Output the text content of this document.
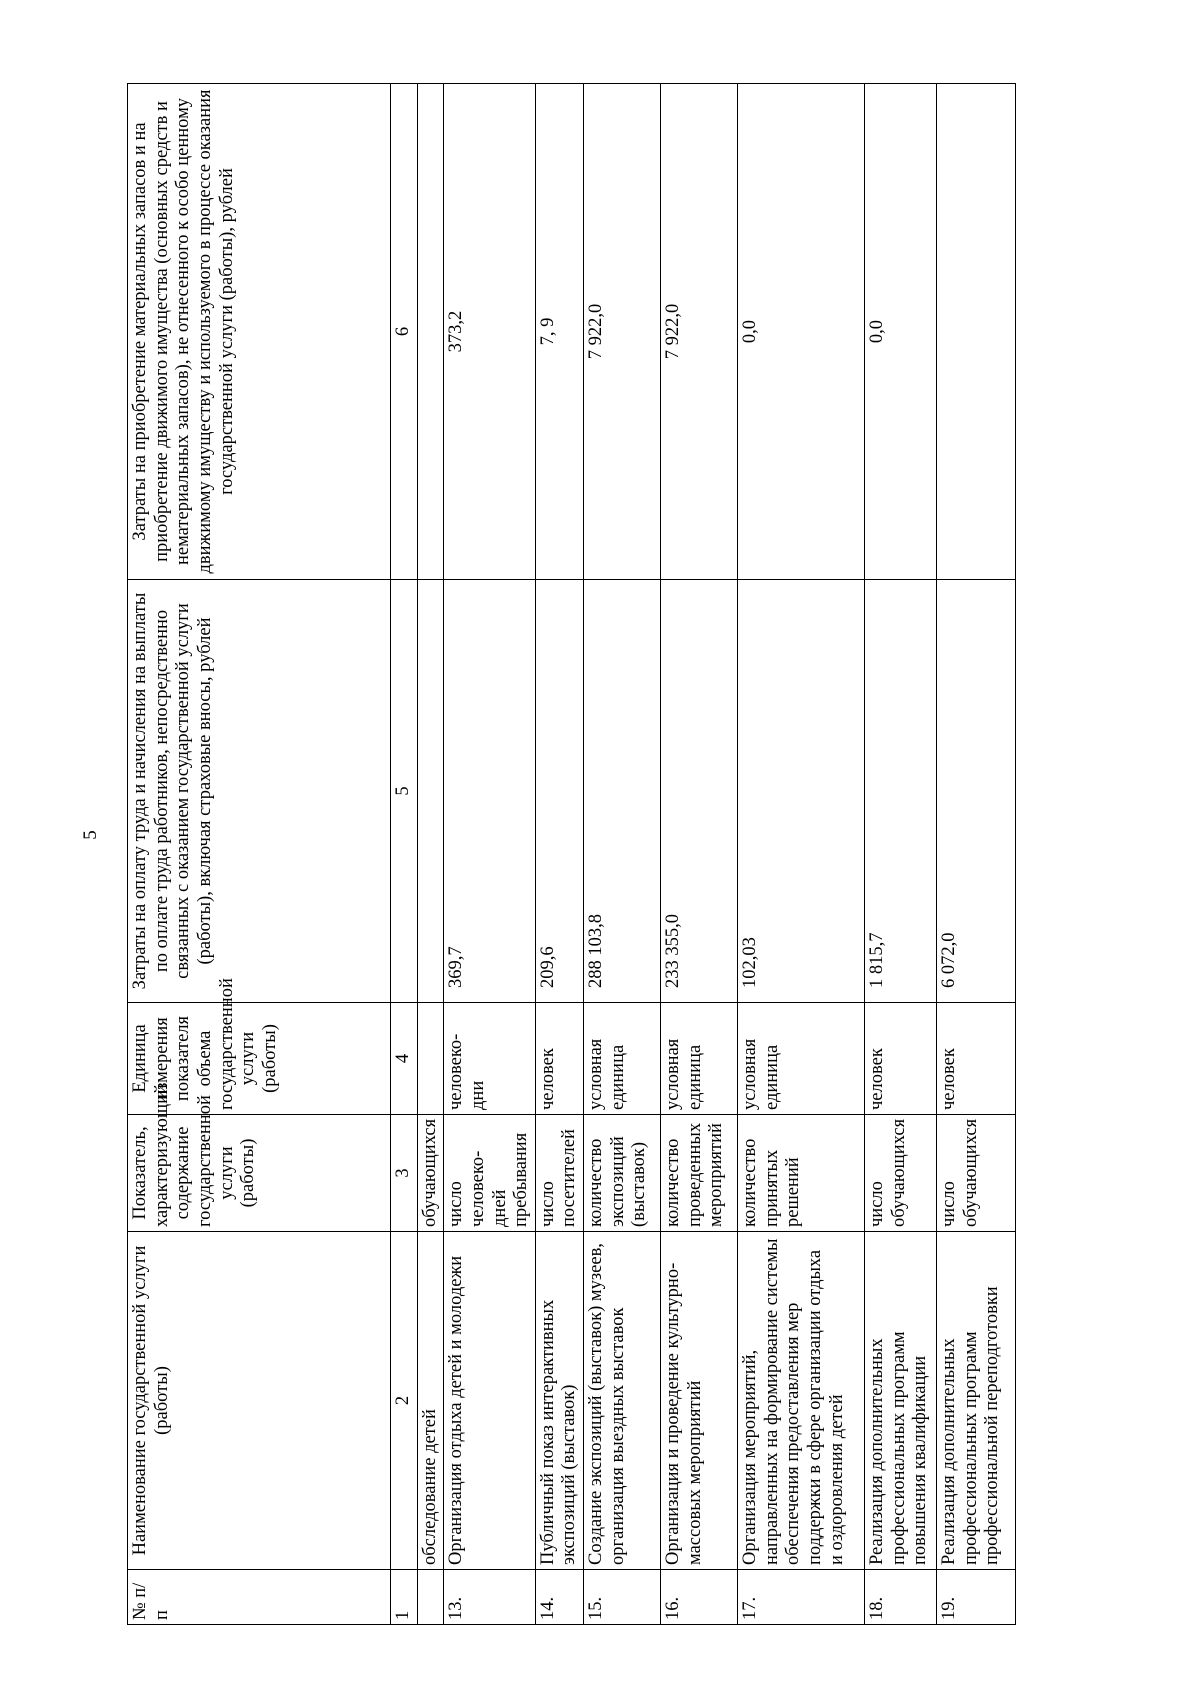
5
№ п/п	Наименование государственной услуги (работы)	Показатель, характеризующий содержание государственной услуги (работы)	Единица измерения показателя объема государственной услуги (работы)	Затраты на оплату труда и начисления на выплаты по оплате труда работников, непосредственно связанных с оказанием государственной услуги (работы), включая страховые вносы, рублей	Затраты на приобретение материальных запасов и на приобретение движимого имущества (основных средств и нематериальных запасов), не отнесенного к особо ценному движимому имуществу и используемого в процессе оказания государственной услуги (работы), рублей
1	2	3	4	5	6
	обследование детей	обучающихся			
13.	Организация отдыха детей и молодежи	число человеко-дней пребывания	человеко-дни	369,7	373,2
14.	Публичный показ интерактивных экспозиций (выставок)	число посетителей	человек	209,6	7, 9
15.	Создание экспозиций (выставок) музеев, организация выездных выставок	количество экспозиций (выставок)	условная единица	288 103,8	7 922,0
16.	Организация и проведение культурно-массовых мероприятий	количество проведенных мероприятий	условная единица	233 355,0	7 922,0
17.	Организация мероприятий, направленных на формирование системы обеспечения предоставления мер поддержки в сфере организации отдыха и оздоровления детей	количество принятых решений	условная единица	102,03	0,0
18.	Реализация дополнительных профессиональных программ повышения квалификации	число обучающихся	человек	1 815,7	0,0
19.	Реализация дополнительных профессиональных программ профессиональной переподготовки	число обучающихся	человек	6 072,0	
